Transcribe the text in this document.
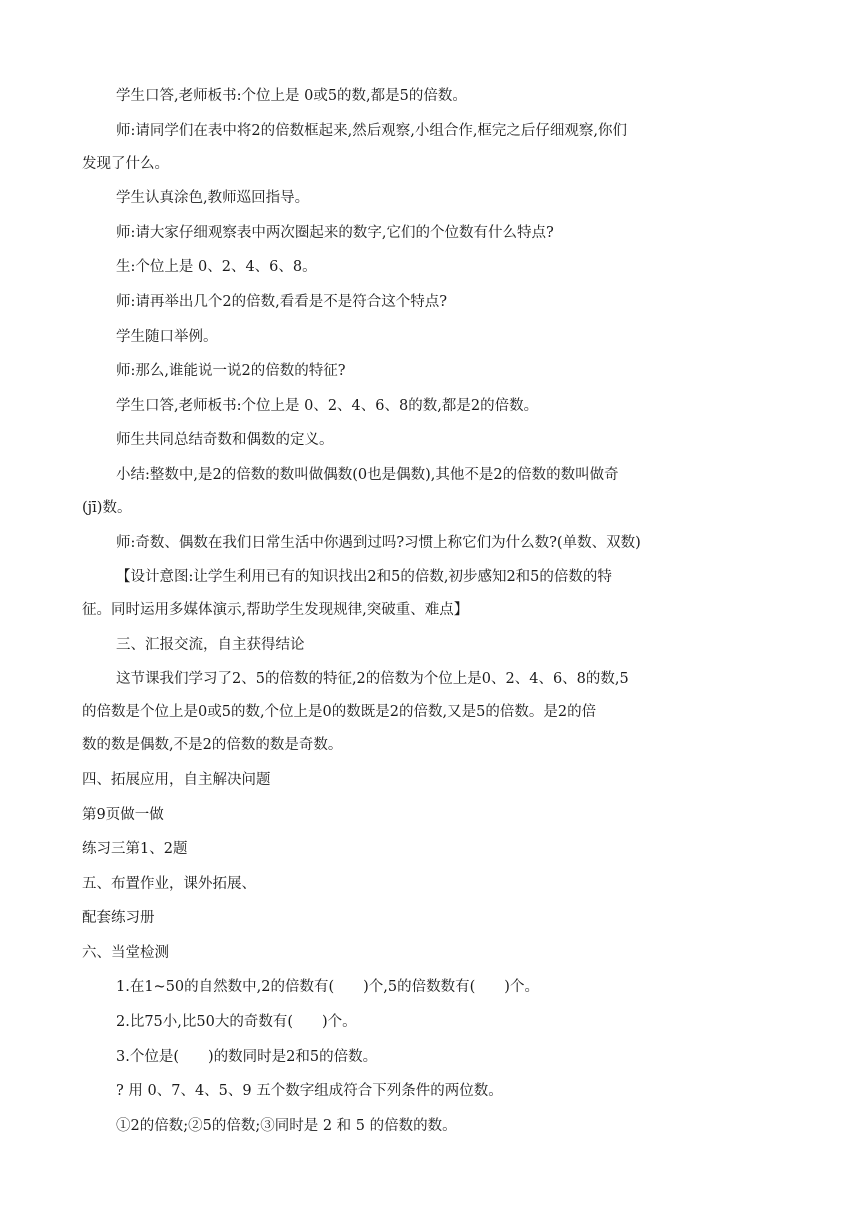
学生口答,老师板书:个位上是 0或5的数,都是5的倍数。

师:请同学们在表中将2的倍数框起来,然后观察,小组合作,框完之后仔细观察,你们

发现了什么。

学生认真涂色,教师巡回指导。

师:请大家仔细观察表中两次圈起来的数字,它们的个位数有什么特点?

生:个位上是 0、2、4、6、8。

师:请再举出几个2的倍数,看看是不是符合这个特点?

学生随口举例。

师:那么,谁能说一说2的倍数的特征?

学生口答,老师板书:个位上是 0、2、4、6、8的数,都是2的倍数。

师生共同总结奇数和偶数的定义。

小结:整数中,是2的倍数的数叫做偶数(0也是偶数),其他不是2的倍数的数叫做奇

(jī)数。

师:奇数、偶数在我们日常生活中你遇到过吗?习惯上称它们为什么数?(单数、双数)

【设计意图:让学生利用已有的知识找出2和5的倍数,初步感知2和5的倍数的特

征。同时运用多媒体演示,帮助学生发现规律,突破重、难点】

三、汇报交流，自主获得结论

这节课我们学习了2、5的倍数的特征,2的倍数为个位上是0、2、4、6、8的数,5

的倍数是个位上是0或5的数,个位上是0的数既是2的倍数,又是5的倍数。是2的倍

数的数是偶数,不是2的倍数的数是奇数。

四、拓展应用，自主解决问题

第9页做一做

练习三第1、2题

五、布置作业，课外拓展、

配套练习册

六、当堂检测

1.在1~50的自然数中,2的倍数有(　　)个,5的倍数数有(　　)个。

2.比75小,比50大的奇数有(　　)个。

3.个位是(　　)的数同时是2和5的倍数。

? 用 0、7、4、5、9 五个数字组成符合下列条件的两位数。

①2的倍数;②5的倍数;③同时是 2 和 5 的倍数的数。
